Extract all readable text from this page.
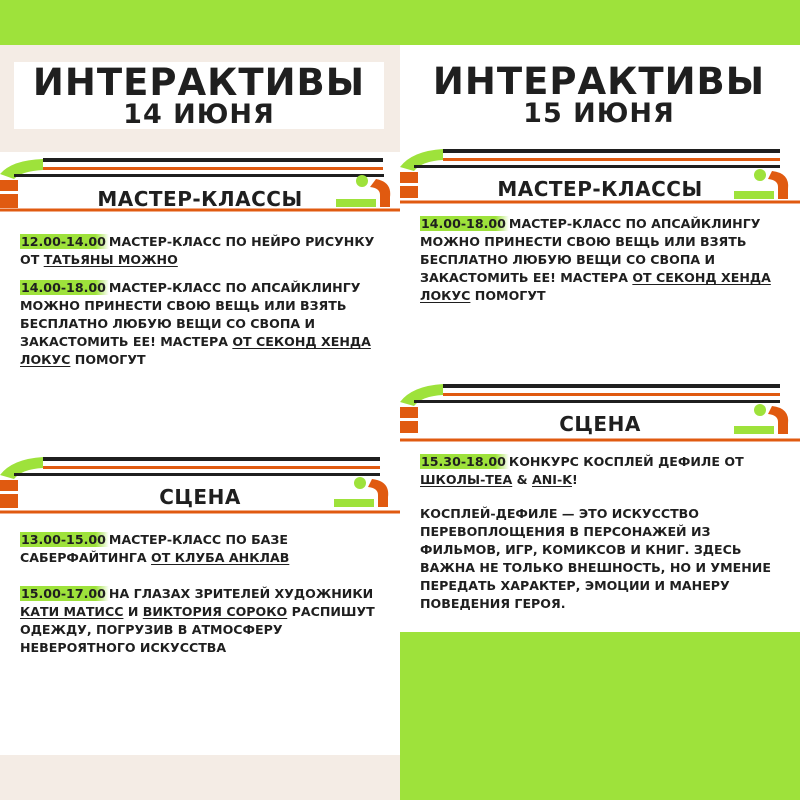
ИНТЕРАКТИВЫ
14 ИЮНЯ
МАСТЕР-КЛАССЫ
12.00-14.00 МАСТЕР-КЛАСС ПО НЕЙРО РИСУНКУ ОТ ТАТЬЯНЫ МОЖНО
14.00-18.00 МАСТЕР-КЛАСС ПО АПСАЙКЛИНГУ МОЖНО ПРИНЕСТИ СВОЮ ВЕЩЬ ИЛИ ВЗЯТЬ БЕСПЛАТНО ЛЮБУЮ ВЕЩИ СО СВОПА И ЗАКАСТОМИТЬ ЕЕ! МАСТЕРА ОТ СЕКОНД ХЕНДА ЛОКУС ПОМОГУТ
СЦЕНА
13.00-15.00 МАСТЕР-КЛАСС ПО БАЗЕ САБЕРФАЙТИНГА ОТ КЛУБА АНКЛАВ
15.00-17.00 НА ГЛАЗАХ ЗРИТЕЛЕЙ ХУДОЖНИКИ КАТИ МАТИСС И ВИКТОРИЯ СОРОКО РАСПИШУТ ОДЕЖДУ, ПОГРУЗИВ В АТМОСФЕРУ НЕВЕРОЯТНОГО ИСКУССТВА
ИНТЕРАКТИВЫ
15 ИЮНЯ
МАСТЕР-КЛАССЫ
14.00-18.00 МАСТЕР-КЛАСС ПО АПСАЙКЛИНГУ МОЖНО ПРИНЕСТИ СВОЮ ВЕЩЬ ИЛИ ВЗЯТЬ БЕСПЛАТНО ЛЮБУЮ ВЕЩИ СО СВОПА И ЗАКАСТОМИТЬ ЕЕ! МАСТЕРА ОТ СЕКОНД ХЕНДА ЛОКУС ПОМОГУТ
СЦЕНА
15.30-18.00 КОНКУРС КОСПЛЕЙ ДЕФИЛЕ ОТ ШКОЛЫ-TEA & ANI-K!
КОСПЛЕЙ-ДЕФИЛЕ — ЭТО ИСКУССТВО ПЕРЕВОПЛОЩЕНИЯ В ПЕРСОНАЖЕЙ ИЗ ФИЛЬМОВ, ИГР, КОМИКСОВ И КНИГ. ЗДЕСЬ ВАЖНА НЕ ТОЛЬКО ВНЕШНОСТЬ, НО И УМЕНИЕ ПЕРЕДАТЬ ХАРАКТЕР, ЭМОЦИИ И МАНЕРУ ПОВЕДЕНИЯ ГЕРОЯ.
